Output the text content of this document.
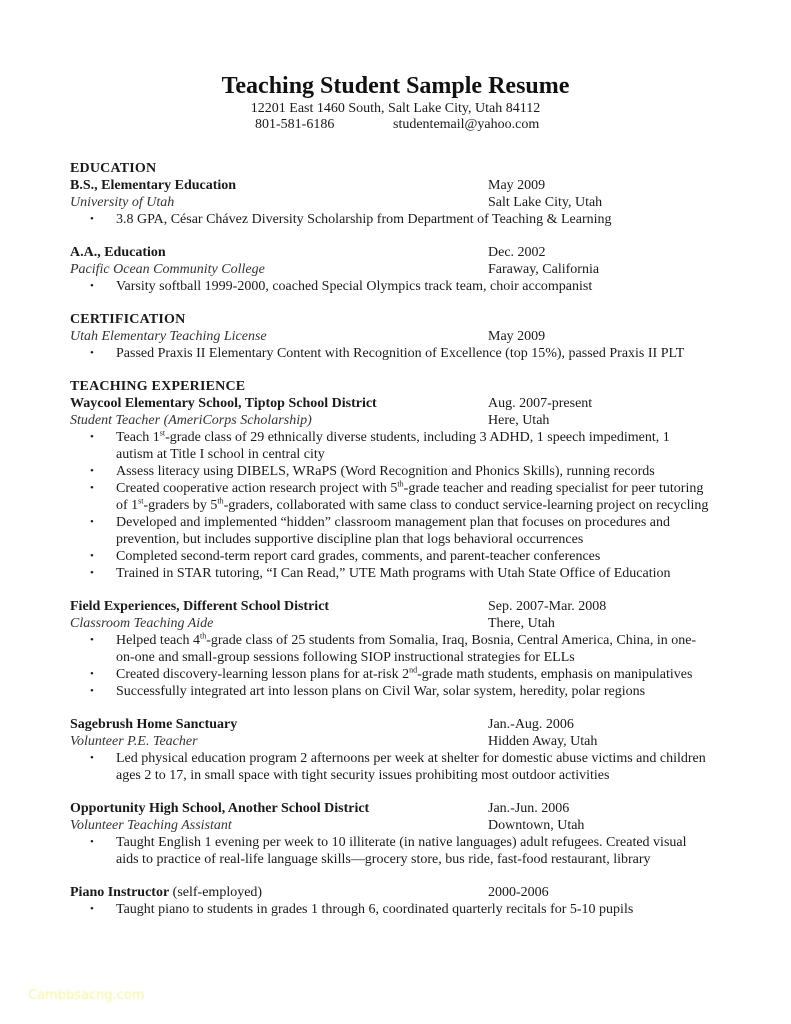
Teaching Student Sample Resume
12201 East 1460 South, Salt Lake City, Utah 84112
801-581-6186	studentemail@yahoo.com
EDUCATION
B.S., Elementary Education	May 2009
University of Utah	Salt Lake City, Utah
• 3.8 GPA, César Chávez Diversity Scholarship from Department of Teaching & Learning
A.A., Education	Dec. 2002
Pacific Ocean Community College	Faraway, California
• Varsity softball 1999-2000, coached Special Olympics track team, choir accompanist
CERTIFICATION
Utah Elementary Teaching License	May 2009
• Passed Praxis II Elementary Content with Recognition of Excellence (top 15%), passed Praxis II PLT
TEACHING EXPERIENCE
Waycool Elementary School, Tiptop School District	Aug. 2007-present
Student Teacher (AmeriCorps Scholarship)	Here, Utah
• Teach 1st-grade class of 29 ethnically diverse students, including 3 ADHD, 1 speech impediment, 1
autism at Title I school in central city
• Assess literacy using DIBELS, WRaPS (Word Recognition and Phonics Skills), running records
• Created cooperative action research project with 5th-grade teacher and reading specialist for peer tutoring
of 1st-graders by 5th-graders, collaborated with same class to conduct service-learning project on recycling
• Developed and implemented “hidden” classroom management plan that focuses on procedures and
prevention, but includes supportive discipline plan that logs behavioral occurrences
• Completed second-term report card grades, comments, and parent-teacher conferences
• Trained in STAR tutoring, “I Can Read,” UTE Math programs with Utah State Office of Education
Field Experiences, Different School District	Sep. 2007-Mar. 2008
Classroom Teaching Aide	There, Utah
• Helped teach 4th-grade class of 25 students from Somalia, Iraq, Bosnia, Central America, China, in one-
on-one and small-group sessions following SIOP instructional strategies for ELLs
• Created discovery-learning lesson plans for at-risk 2nd-grade math students, emphasis on manipulatives
• Successfully integrated art into lesson plans on Civil War, solar system, heredity, polar regions
Sagebrush Home Sanctuary	Jan.-Aug. 2006
Volunteer P.E. Teacher	Hidden Away, Utah
• Led physical education program 2 afternoons per week at shelter for domestic abuse victims and children
ages 2 to 17, in small space with tight security issues prohibiting most outdoor activities
Opportunity High School, Another School District	Jan.-Jun. 2006
Volunteer Teaching Assistant	Downtown, Utah
• Taught English 1 evening per week to 10 illiterate (in native languages) adult refugees. Created visual
aids to practice of real-life language skills—grocery store, bus ride, fast-food restaurant, library
Piano Instructor (self-employed)	2000-2006
• Taught piano to students in grades 1 through 6, coordinated quarterly recitals for 5-10 pupils
Cambbsacng.com
